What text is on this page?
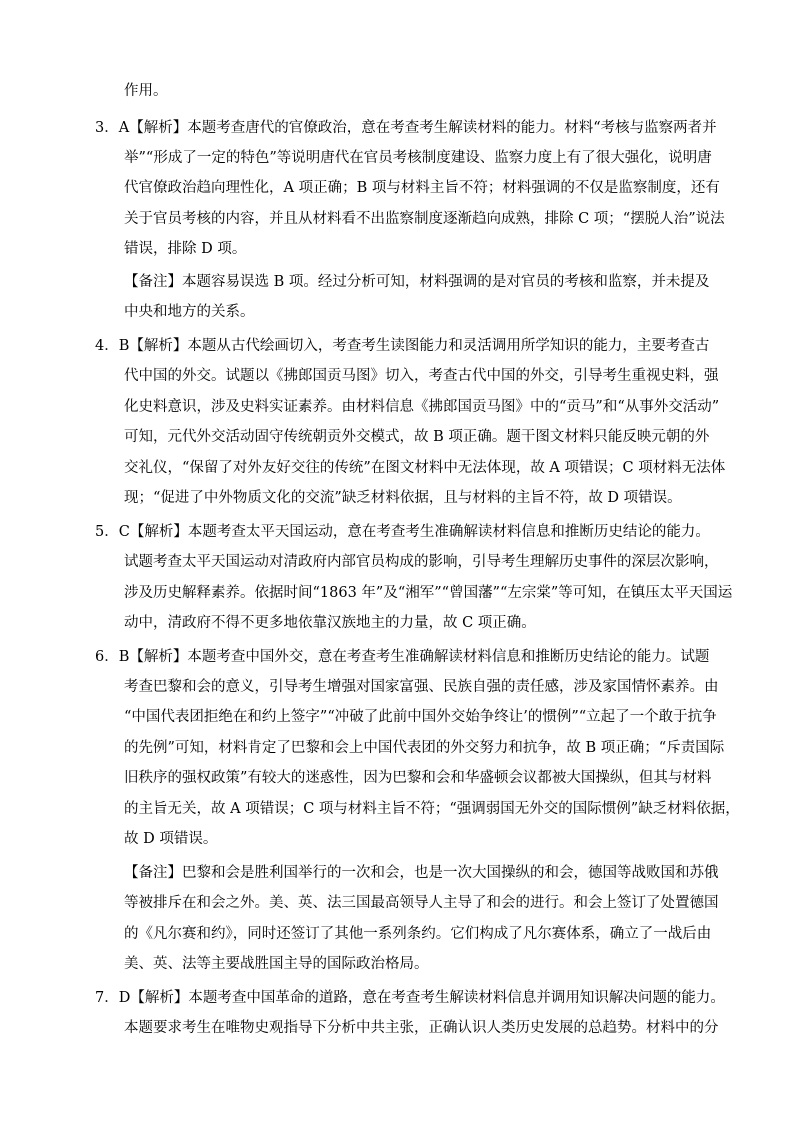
作用。
3．A【解析】本题考查唐代的官僚政治，意在考查考生解读材料的能力。材料“考核与监察两者并
举”“形成了一定的特色”等说明唐代在官员考核制度建设、监察力度上有了很大强化，说明唐
代官僚政治趋向理性化，A 项正确；B 项与材料主旨不符；材料强调的不仅是监察制度，还有
关于官员考核的内容，并且从材料看不出监察制度逐渐趋向成熟，排除 C 项；“摆脱人治”说法
错误，排除 D 项。
【备注】本题容易误选 B 项。经过分析可知，材料强调的是对官员的考核和监察，并未提及
中央和地方的关系。
4．B【解析】本题从古代绘画切入，考查考生读图能力和灵活调用所学知识的能力，主要考查古
代中国的外交。试题以《拂郎国贡马图》切入，考查古代中国的外交，引导考生重视史料，强
化史料意识，涉及史料实证素养。由材料信息《拂郎国贡马图》中的“贡马”和“从事外交活动”
可知，元代外交活动固守传统朝贡外交模式，故 B 项正确。题干图文材料只能反映元朝的外
交礼仪，“保留了对外友好交往的传统”在图文材料中无法体现，故 A 项错误；C 项材料无法体
现；“促进了中外物质文化的交流”缺乏材料依据，且与材料的主旨不符，故 D 项错误。
5．C【解析】本题考查太平天国运动，意在考查考生准确解读材料信息和推断历史结论的能力。
试题考查太平天国运动对清政府内部官员构成的影响，引导考生理解历史事件的深层次影响，
涉及历史解释素养。依据时间“1863 年”及“湘军”“曾国藩”“左宗棠”等可知，在镇压太平天国运
动中，清政府不得不更多地依靠汉族地主的力量，故 C 项正确。
6．B【解析】本题考查中国外交，意在考查考生准确解读材料信息和推断历史结论的能力。试题
考查巴黎和会的意义，引导考生增强对国家富强、民族自强的责任感，涉及家国情怀素养。由
“中国代表团拒绝在和约上签字”“冲破了此前中国外交始争终让’的惯例”“立起了一个敢于抗争
的先例”可知，材料肯定了巴黎和会上中国代表团的外交努力和抗争，故 B 项正确；“斥责国际
旧秩序的强权政策”有较大的迷惑性，因为巴黎和会和华盛顿会议都被大国操纵，但其与材料
的主旨无关，故 A 项错误；C 项与材料主旨不符；“强调弱国无外交的国际惯例”缺乏材料依据，
故 D 项错误。
【备注】巴黎和会是胜利国举行的一次和会，也是一次大国操纵的和会，德国等战败国和苏俄
等被排斥在和会之外。美、英、法三国最高领导人主导了和会的进行。和会上签订了处置德国
的《凡尔赛和约》，同时还签订了其他一系列条约。它们构成了凡尔赛体系，确立了一战后由
美、英、法等主要战胜国主导的国际政治格局。
7．D【解析】本题考查中国革命的道路，意在考查考生解读材料信息并调用知识解决问题的能力。
本题要求考生在唯物史观指导下分析中共主张，正确认识人类历史发展的总趋势。材料中的分
